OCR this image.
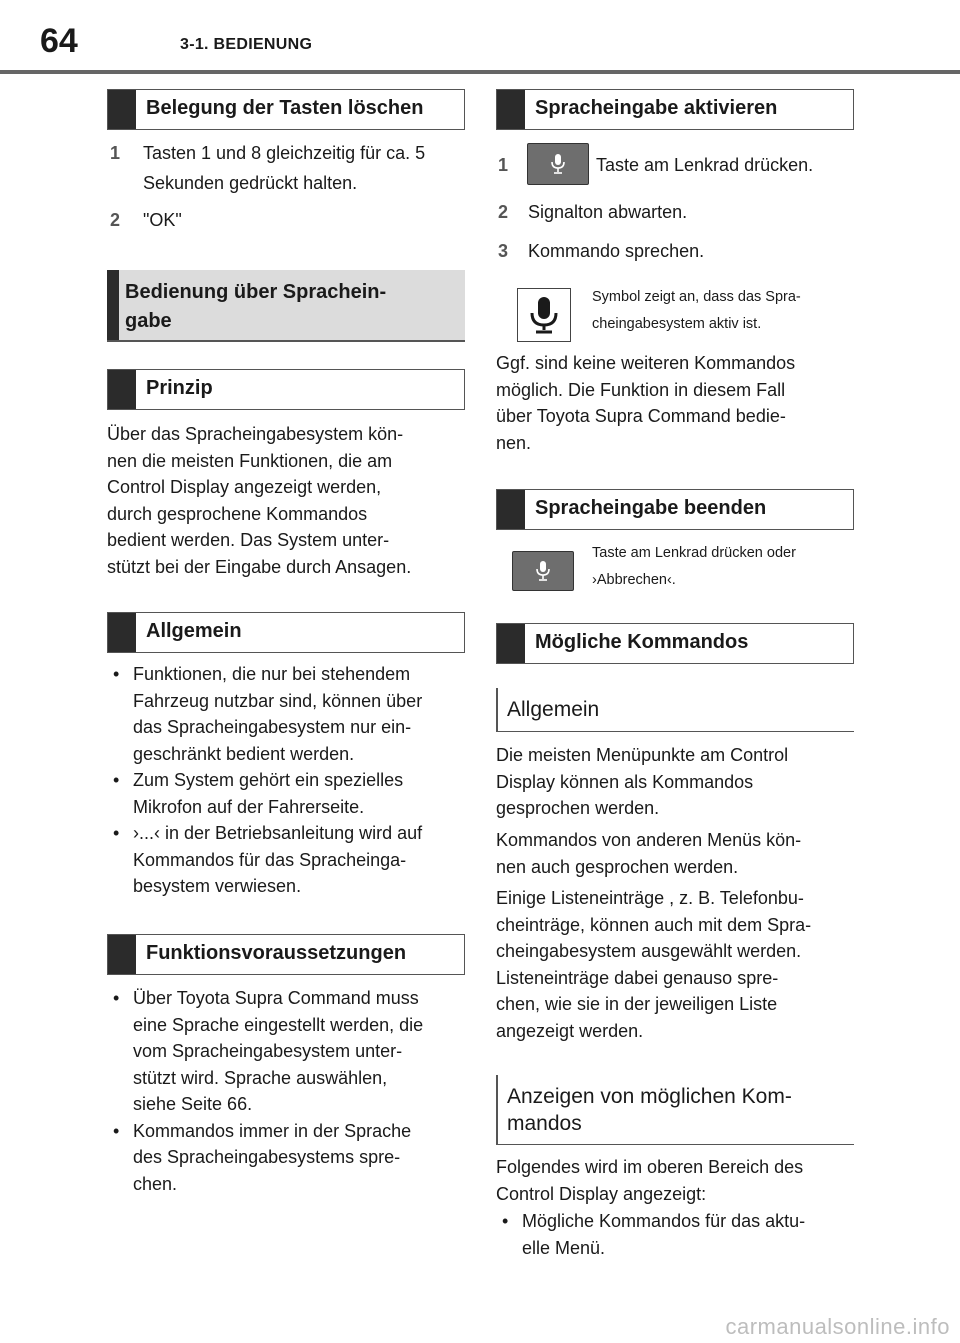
64	3-1. BEDIENUNG
Belegung der Tasten löschen
1 Tasten 1 und 8 gleichzeitig für ca. 5 Sekunden gedrückt halten.
2 "OK"
Bedienung über Sprachein-
gabe
Prinzip
Über das Spracheingabesystem kön-
nen die meisten Funktionen, die am
Control Display angezeigt werden,
durch gesprochene Kommandos
bedient werden. Das System unter-
stützt bei der Eingabe durch Ansagen.
Allgemein
• Funktionen, die nur bei stehendem
Fahrzeug nutzbar sind, können über
das Spracheingabesystem nur ein-
geschränkt bedient werden.
• Zum System gehört ein spezielles
Mikrofon auf der Fahrerseite.
• ›...‹ in der Betriebsanleitung wird auf
Kommandos für das Spracheinga-
besystem verwiesen.
Funktionsvoraussetzungen
• Über Toyota Supra Command muss
eine Sprache eingestellt werden, die
vom Spracheingabesystem unter-
stützt wird. Sprache auswählen,
siehe Seite 66.
• Kommandos immer in der Sprache
des Spracheingabesystems spre-
chen.
Spracheingabe aktivieren
1	Taste am Lenkrad drücken.
2 Signalton abwarten.
3 Kommando sprechen.
Symbol zeigt an, dass das Spra-
cheingabesystem aktiv ist.
Ggf. sind keine weiteren Kommandos
möglich. Die Funktion in diesem Fall
über Toyota Supra Command bedie-
nen.
Spracheingabe beenden
Taste am Lenkrad drücken oder
›Abbrechen‹.
Mögliche Kommandos
Allgemein
Die meisten Menüpunkte am Control
Display können als Kommandos
gesprochen werden.
Kommandos von anderen Menüs kön-
nen auch gesprochen werden.
Einige Listeneinträge , z. B. Telefonbu-
cheinträge, können auch mit dem Spra-
cheingabesystem ausgewählt werden.
Listeneinträge dabei genauso spre-
chen, wie sie in der jeweiligen Liste
angezeigt werden.
Anzeigen von möglichen Kom-
mandos
Folgendes wird im oberen Bereich des
Control Display angezeigt:
• Mögliche Kommandos für das aktu-
elle Menü.
carmanualsonline.info
